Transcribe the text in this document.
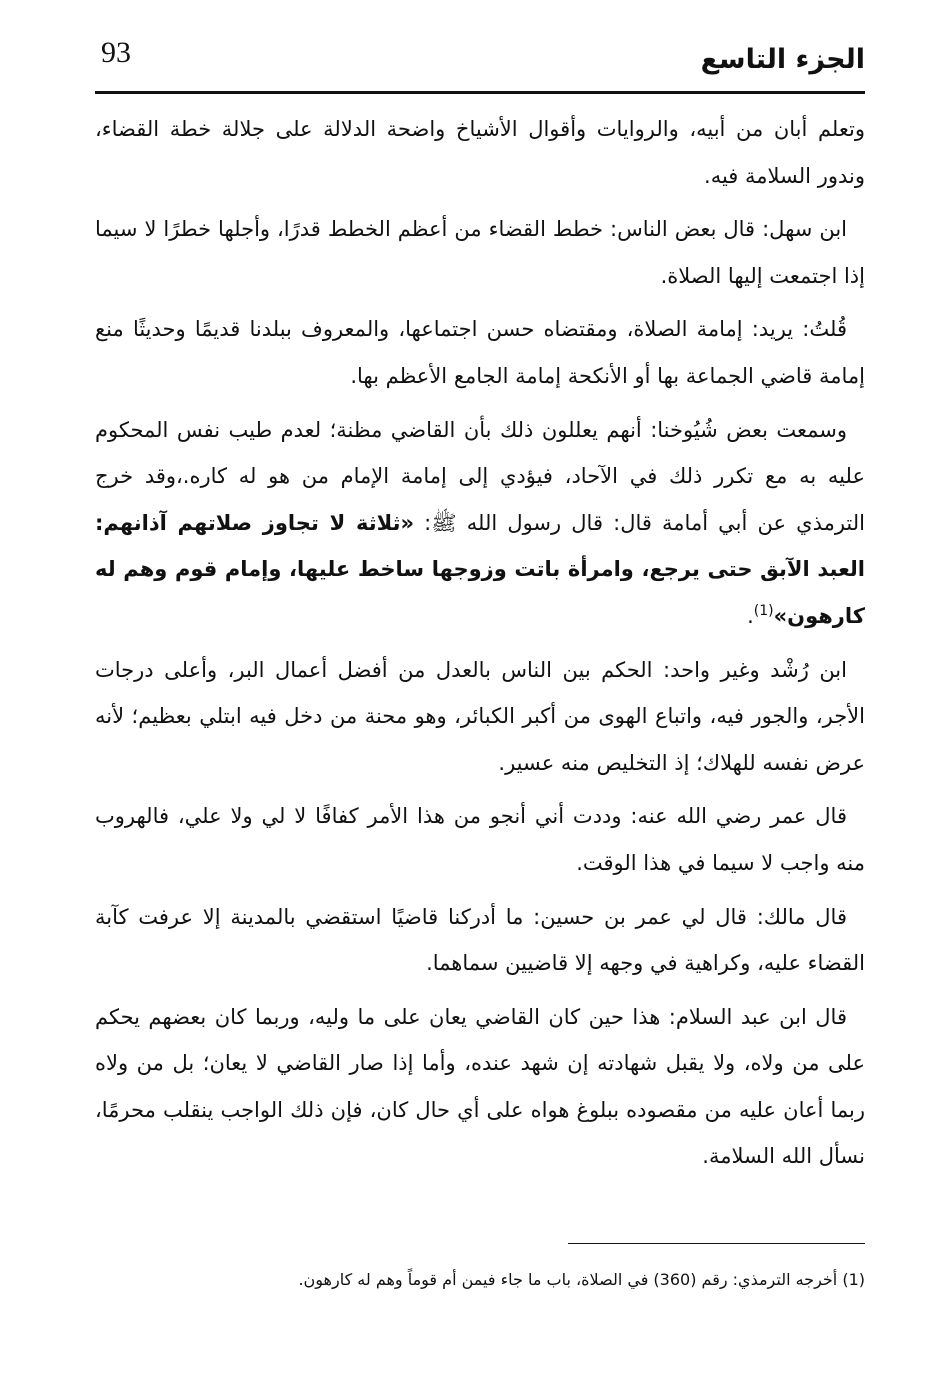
الجزء التاسع
93

وتعلم أبان من أبيه، والروايات وأقوال الأشياخ واضحة الدلالة على جلالة خطة القضاء، وندور السلامة فيه.

ابن سهل: قال بعض الناس: خطط القضاء من أعظم الخطط قدرًا، وأجلها خطرًا لا سيما إذا اجتمعت إليها الصلاة.

قُلتُ: يريد: إمامة الصلاة، ومقتضاه حسن اجتماعها، والمعروف ببلدنا قديمًا وحديثًا منع إمامة قاضي الجماعة بها أو الأنكحة إمامة الجامع الأعظم بها.

وسمعت بعض شُيُوخنا: أنهم يعللون ذلك بأن القاضي مظنة؛ لعدم طيب نفس المحكوم عليه به مع تكرر ذلك في الآحاد، فيؤدي إلى إمامة الإمام من هو له كاره.،وقد خرج الترمذي عن أبي أمامة قال: قال رسول الله ﷺ: «ثلاثة لا تجاوز صلاتهم آذانهم: العبد الآبق حتى يرجع، وامرأة باتت وزوجها ساخط عليها، وإمام قوم وهم له كارهون»$^{(1)}$.

ابن رُشْد وغير واحد: الحكم بين الناس بالعدل من أفضل أعمال البر، وأعلى درجات الأجر، والجور فيه، واتباع الهوى من أكبر الكبائر، وهو محنة من دخل فيه ابتلي بعظيم؛ لأنه عرض نفسه للهلاك؛ إذ التخليص منه عسير.

قال عمر رضي الله عنه: وددت أني أنجو من هذا الأمر كفافًا لا لي ولا علي، فالهروب منه واجب لا سيما في هذا الوقت.

قال مالك: قال لي عمر بن حسين: ما أدركنا قاضيًا استقضي بالمدينة إلا عرفت كآبة القضاء عليه، وكراهية في وجهه إلا قاضيين سماهما.

قال ابن عبد السلام: هذا حين كان القاضي يعان على ما وليه، وربما كان بعضهم يحكم على من ولاه، ولا يقبل شهادته إن شهد عنده، وأما إذا صار القاضي لا يعان؛ بل من ولاه ربما أعان عليه من مقصوده ببلوغ هواه على أي حال كان، فإن ذلك الواجب ينقلب محرمًا، نسأل الله السلامة.

(1) أخرجه الترمذي: رقم (360) في الصلاة، باب ما جاء فيمن أم قوماً وهم له كارهون.
